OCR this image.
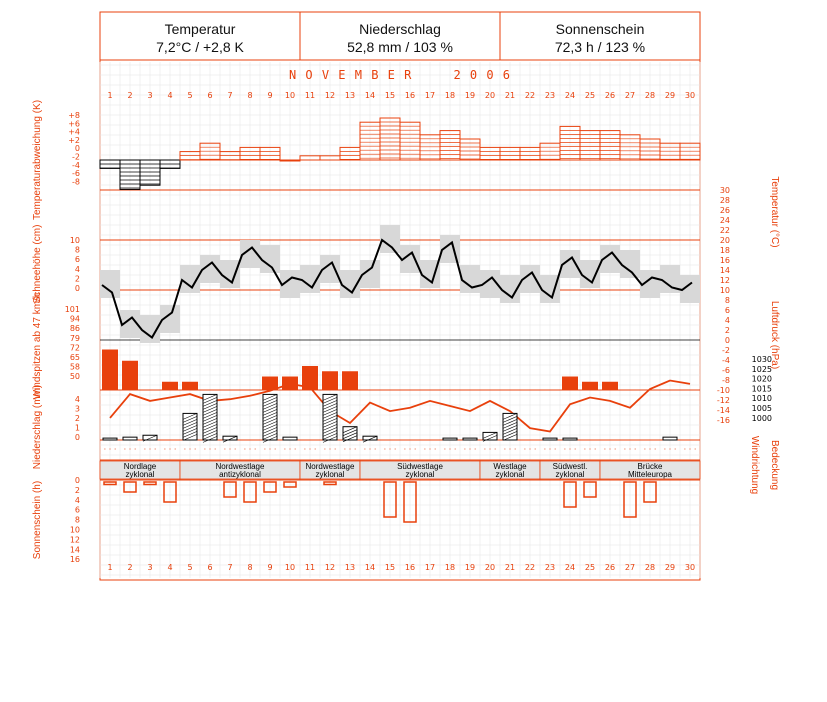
Temperatur
7,2°C / +2,8 K
Niederschlag
52,8 mm / 103 %
Sonnenschein
72,3 h / 123 %
N O V E M B E R     2 0 0 6
Temperaturabweichung (K)
Schneehöhe (cm)
Windspitzen ab 47 km/h
Niederschlag (mm)
Sonnenschein (h)
Temperatur (°C)
Luftdruck (hPa)
Windrichtung Bedeckung
1
1
2
2
3
3
4
4
5
5
6
6
7
7
8
8
9
9
10
10
11
11
12
12
13
13
14
14
15
15
16
16
17
17
18
18
19
19
20
20
21
21
22
22
23
23
24
24
25
25
26
26
27
27
28
28
29
29
30
30
+8
+6
+4
+2
0
-2
-4
-6
-8
10
8
6
4
2
0
101
94
86
79
72
65
58
50
4
3
2
1
0
0
2
4
6
8
10
12
14
16
30
28
26
24
22
20
18
16
14
12
10
8
6
4
2
0
-2
-4
-6
-8
-10
-12
-14
-16
1030
1025
1020
1015
1010
1005
1000
· · · · · · · · · · · · · · · · · · · · · · · · · · · · · · · · · · · · · · · · · · · · · · · · · · · · · · · · · · · · · · · · · · · · · · · · · · · · · · · · · · · · · · · · · ·
Nordlage
zyklonal
Nordwestlage
antizyklonal
Nordwestlage
zyklonal
Südwestlage
zyklonal
Westlage
zyklonal
Südwestl.
zyklonal
Brücke
Mitteleuropa
